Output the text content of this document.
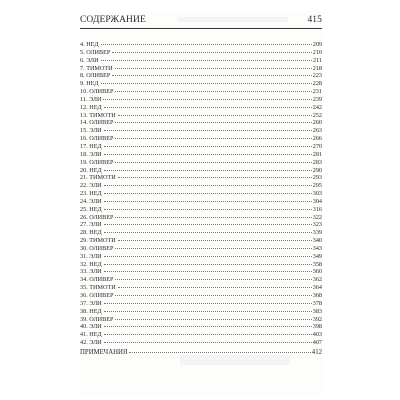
СОДЕРЖАНИЕ	415
4. НЕД	209
5. ОЛИВЕР	210
6. ЭЛИ	211
7. ТИМОТИ	218
8. ОЛИВЕР	223
9. НЕД	228
10. ОЛИВЕР	231
11. ЭЛИ	239
12. НЕД	242
13. ТИМОТИ	252
14. ОЛИВЕР	260
15. ЭЛИ	263
16. ОЛИВЕР	266
17. НЕД	270
18. ЭЛИ	281
19. ОЛИВЕР	283
20. НЕД	290
21. ТИМОТИ	293
22. ЭЛИ	295
23. НЕД	303
24. ЭЛИ	304
25. НЕД	316
26. ОЛИВЕР	322
27. ЭЛИ	323
28. НЕД	339
29. ТИМОТИ	340
30. ОЛИВЕР	343
31. ЭЛИ	349
32. НЕД	358
33. ЭЛИ	360
34. ОЛИВЕР	362
35. ТИМОТИ	364
36. ОЛИВЕР	368
37. ЭЛИ	378
38. НЕД	383
39. ОЛИВЕР	392
40. ЭЛИ	398
41. НЕД	403
42. ЭЛИ	407
ПРИМЕЧАНИЯ	412
